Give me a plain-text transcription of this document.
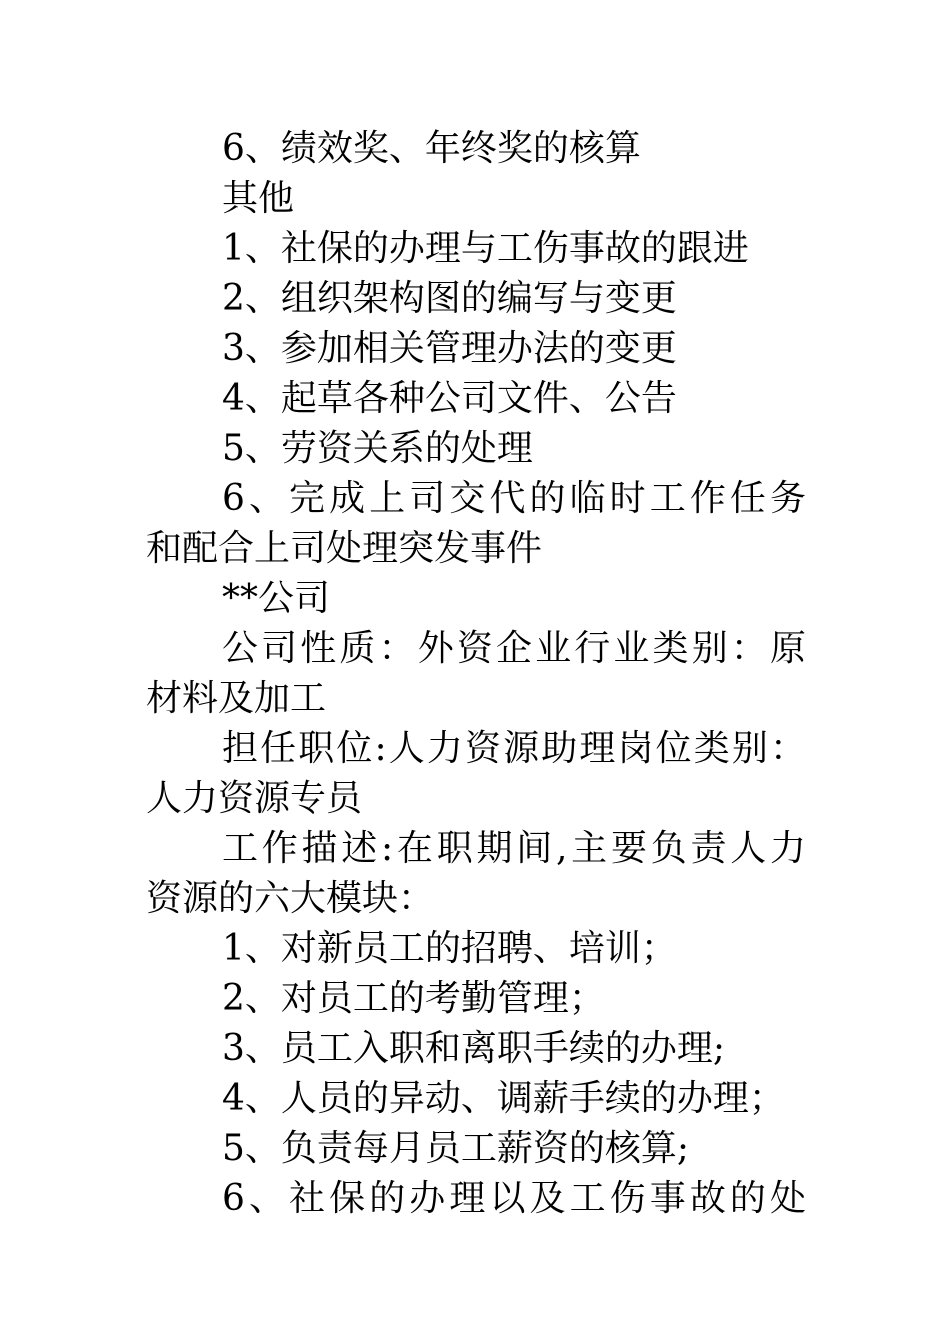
6、绩效奖、年终奖的核算
其他
1、社保的办理与工伤事故的跟进
2、组织架构图的编写与变更
3、参加相关管理办法的变更
4、起草各种公司文件、公告
5、劳资关系的处理
6、完成上司交代的临时工作任务
和配合上司处理突发事件
**公司
公司性质：外资企业行业类别：原
材料及加工
担任职位:人力资源助理岗位类别：
人力资源专员
工作描述:在职期间,主要负责人力
资源的六大模块：
1、对新员工的招聘、培训；
2、对员工的考勤管理；
3、员工入职和离职手续的办理;
4、人员的异动、调薪手续的办理；
5、负责每月员工薪资的核算;
6、社保的办理以及工伤事故的处
